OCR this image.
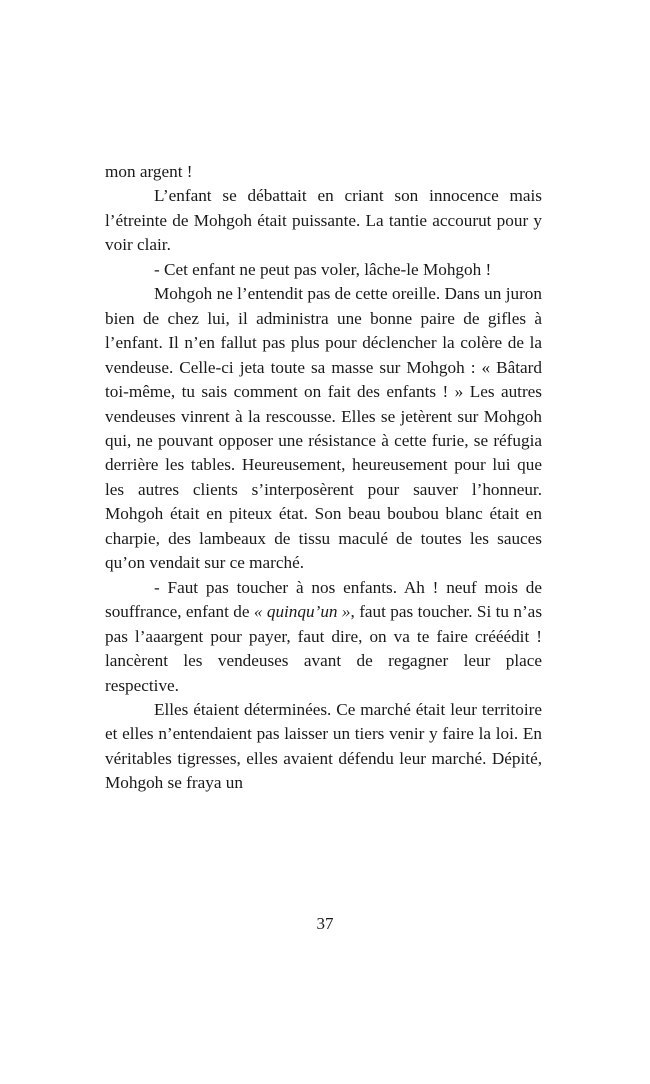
mon argent !

L’enfant se débattait en criant son innocence mais l’étreinte de Mohgoh était puissante. La tantie accourut pour y voir clair.

- Cet enfant ne peut pas voler, lâche-le Mohgoh !

Mohgoh ne l’entendit pas de cette oreille. Dans un juron bien de chez lui, il administra une bonne paire de gifles à l’enfant. Il n’en fallut pas plus pour déclencher la colère de la vendeuse. Celle-ci jeta toute sa masse sur Mohgoh : « Bâtard toi-même, tu sais comment on fait des enfants ! » Les autres vendeuses vinrent à la rescousse. Elles se jetèrent sur Mohgoh qui, ne pouvant opposer une résistance à cette furie, se réfugia derrière les tables. Heureusement, heureusement pour lui que les autres clients s’interposèrent pour sauver l’honneur. Mohgoh était en piteux état. Son beau boubou blanc était en charpie, des lambeaux de tissu maculé de toutes les sauces qu’on vendait sur ce marché.

- Faut pas toucher à nos enfants. Ah ! neuf mois de souffrance, enfant de « quinqu’un », faut pas toucher. Si tu n’as pas l’aaargent pour payer, faut dire, on va te faire crééédit ! lancèrent les vendeuses avant de regagner leur place respective.

Elles étaient déterminées. Ce marché était leur territoire et elles n’entendaient pas laisser un tiers venir y faire la loi. En véritables tigresses, elles avaient défendu leur marché. Dépité, Mohgoh se fraya un

37
